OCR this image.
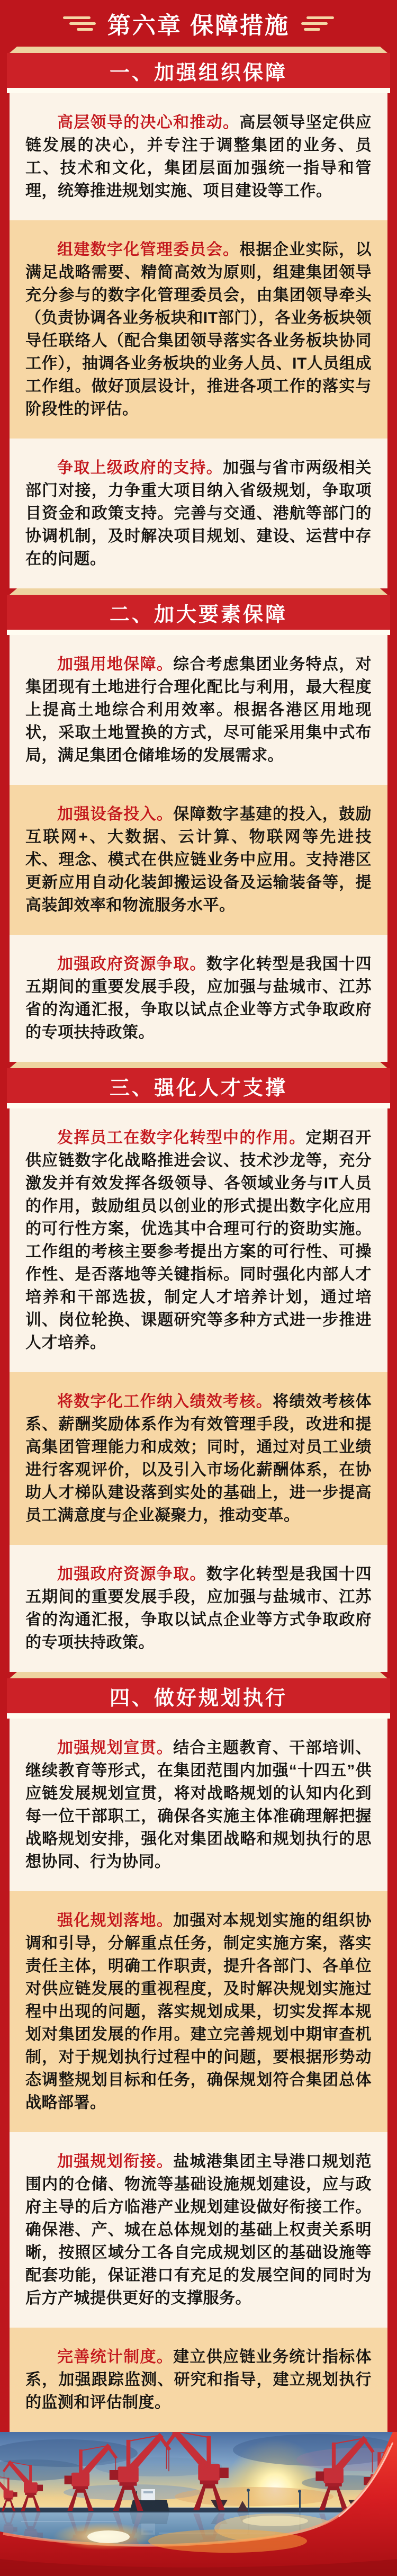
第六章 保障措施
一、加强组织保障

高层领导的决心和推动。高层领导坚定供应链发展的决心，并专注于调整集团的业务、员工、技术和文化，集团层面加强统一指导和管理，统筹推进规划实施、项目建设等工作。

组建数字化管理委员会。根据企业实际，以满足战略需要、精简高效为原则，组建集团领导充分参与的数字化管理委员会，由集团领导牵头（负责协调各业务板块和IT部门），各业务板块领导任联络人（配合集团领导落实各业务板块协同工作），抽调各业务板块的业务人员、IT人员组成工作组。做好顶层设计，推进各项工作的落实与阶段性的评估。

争取上级政府的支持。加强与省市两级相关部门对接，力争重大项目纳入省级规划，争取项目资金和政策支持。完善与交通、港航等部门的协调机制，及时解决项目规划、建设、运营中存在的问题。

二、加大要素保障

加强用地保障。综合考虑集团业务特点，对集团现有土地进行合理化配比与利用，最大程度上提高土地综合利用效率。根据各港区用地现状，采取土地置换的方式，尽可能采用集中式布局，满足集团仓储堆场的发展需求。

加强设备投入。保障数字基建的投入，鼓励互联网+、大数据、云计算、物联网等先进技术、理念、模式在供应链业务中应用。支持港区更新应用自动化装卸搬运设备及运输装备等，提高装卸效率和物流服务水平。

加强政府资源争取。数字化转型是我国十四五期间的重要发展手段，应加强与盐城市、江苏省的沟通汇报，争取以试点企业等方式争取政府的专项扶持政策。

三、强化人才支撑

发挥员工在数字化转型中的作用。定期召开供应链数字化战略推进会议、技术沙龙等，充分激发并有效发挥各级领导、各领域业务与IT人员的作用，鼓励组员以创业的形式提出数字化应用的可行性方案，优选其中合理可行的资助实施。工作组的考核主要参考提出方案的可行性、可操作性、是否落地等关键指标。同时强化内部人才培养和干部选拔，制定人才培养计划，通过培训、岗位轮换、课题研究等多种方式进一步推进人才培养。

将数字化工作纳入绩效考核。将绩效考核体系、薪酬奖励体系作为有效管理手段，改进和提高集团管理能力和成效；同时，通过对员工业绩进行客观评价，以及引入市场化薪酬体系，在协助人才梯队建设落到实处的基础上，进一步提高员工满意度与企业凝聚力，推动变革。

加强政府资源争取。数字化转型是我国十四五期间的重要发展手段，应加强与盐城市、江苏省的沟通汇报，争取以试点企业等方式争取政府的专项扶持政策。

四、做好规划执行

加强规划宣贯。结合主题教育、干部培训、继续教育等形式，在集团范围内加强“十四五”供应链发展规划宣贯，将对战略规划的认知内化到每一位干部职工，确保各实施主体准确理解把握战略规划安排，强化对集团战略和规划执行的思想协同、行为协同。

强化规划落地。加强对本规划实施的组织协调和引导，分解重点任务，制定实施方案，落实责任主体，明确工作职责，提升各部门、各单位对供应链发展的重视程度，及时解决规划实施过程中出现的问题，落实规划成果，切实发挥本规划对集团发展的作用。建立完善规划中期审查机制，对于规划执行过程中的问题，要根据形势动态调整规划目标和任务，确保规划符合集团总体战略部署。

加强规划衔接。盐城港集团主导港口规划范围内的仓储、物流等基础设施规划建设，应与政府主导的后方临港产业规划建设做好衔接工作。确保港、产、城在总体规划的基础上权责关系明晰，按照区域分工各自完成规划区的基础设施等配套功能，保证港口有充足的发展空间的同时为后方产城提供更好的支撑服务。

完善统计制度。建立供应链业务统计指标体系，加强跟踪监测、研究和指导，建立规划执行的监测和评估制度。
